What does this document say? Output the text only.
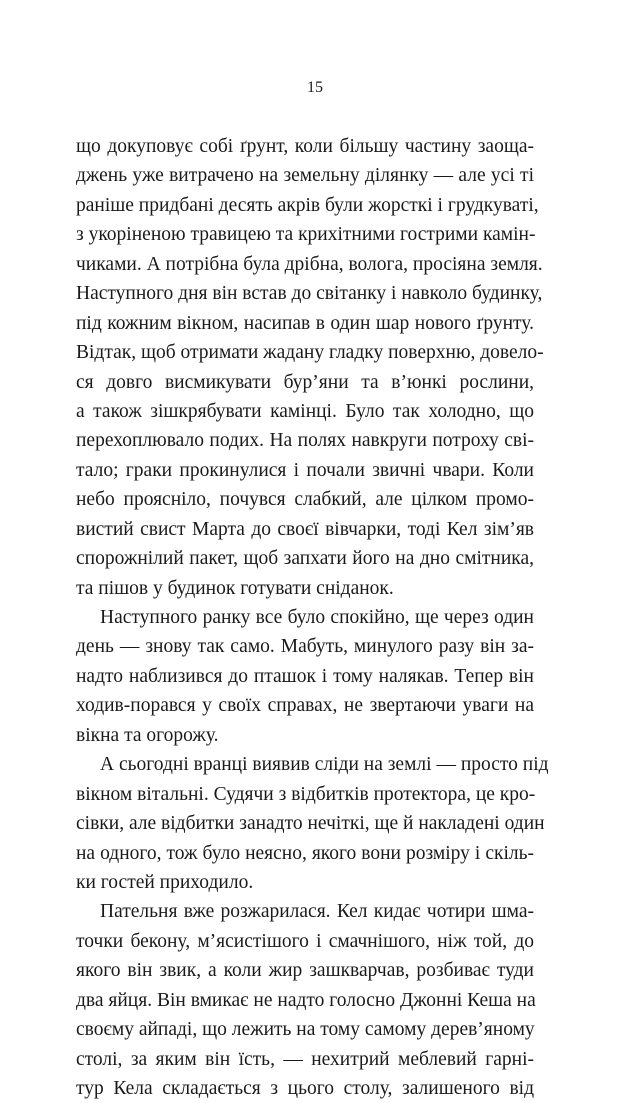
15
що докуповує собі ґрунт, коли більшу частину заоща-
джень уже витрачено на земельну ділянку — але усі ті
раніше придбані десять акрів були жорсткі і грудкуваті,
з укоріненою травицею та крихітними гострими камін-
чиками. А потрібна була дрібна, волога, просіяна земля.
Наступного дня він встав до світанку і навколо будинку,
під кожним вікном, насипав в один шар нового ґрунту.
Відтак, щоб отримати жадану гладку поверхню, довело-
ся довго висмикувати бур’яни та в’юнкі рослини,
а також зішкрябувати камінці. Було так холодно, що
перехоплювало подих. На полях навкруги потроху сві-
тало; граки прокинулися і почали звичні чвари. Коли
небо проясніло, почувся слабкий, але цілком промо-
вистий свист Марта до своєї вівчарки, тоді Кел зім’яв
спорожнілий пакет, щоб запхати його на дно смітника,
та пішов у будинок готувати сніданок.
Наступного ранку все було спокійно, ще через один
день — знову так само. Мабуть, минулого разу він за-
надто наблизився до пташок і тому налякав. Тепер він
ходив-порався у своїх справах, не звертаючи уваги на
вікна та огорожу.
А сьогодні вранці виявив сліди на землі — просто під
вікном вітальні. Судячи з відбитків протектора, це кро-
сівки, але відбитки занадто нечіткі, ще й накладені один
на одного, тож було неясно, якого вони розміру і скіль-
ки гостей приходило.
Пательня вже розжарилася. Кел кидає чотири шма-
точки бекону, м’ясистішого і смачнішого, ніж той, до
якого він звик, а коли жир зашкварчав, розбиває туди
два яйця. Він вмикає не надто голосно Джонні Кеша на
своєму айпаді, що лежить на тому самому дерев’яному
столі, за яким він їсть, — нехитрий меблевий гарні-
тур Кела складається з цього столу, залишеного від
